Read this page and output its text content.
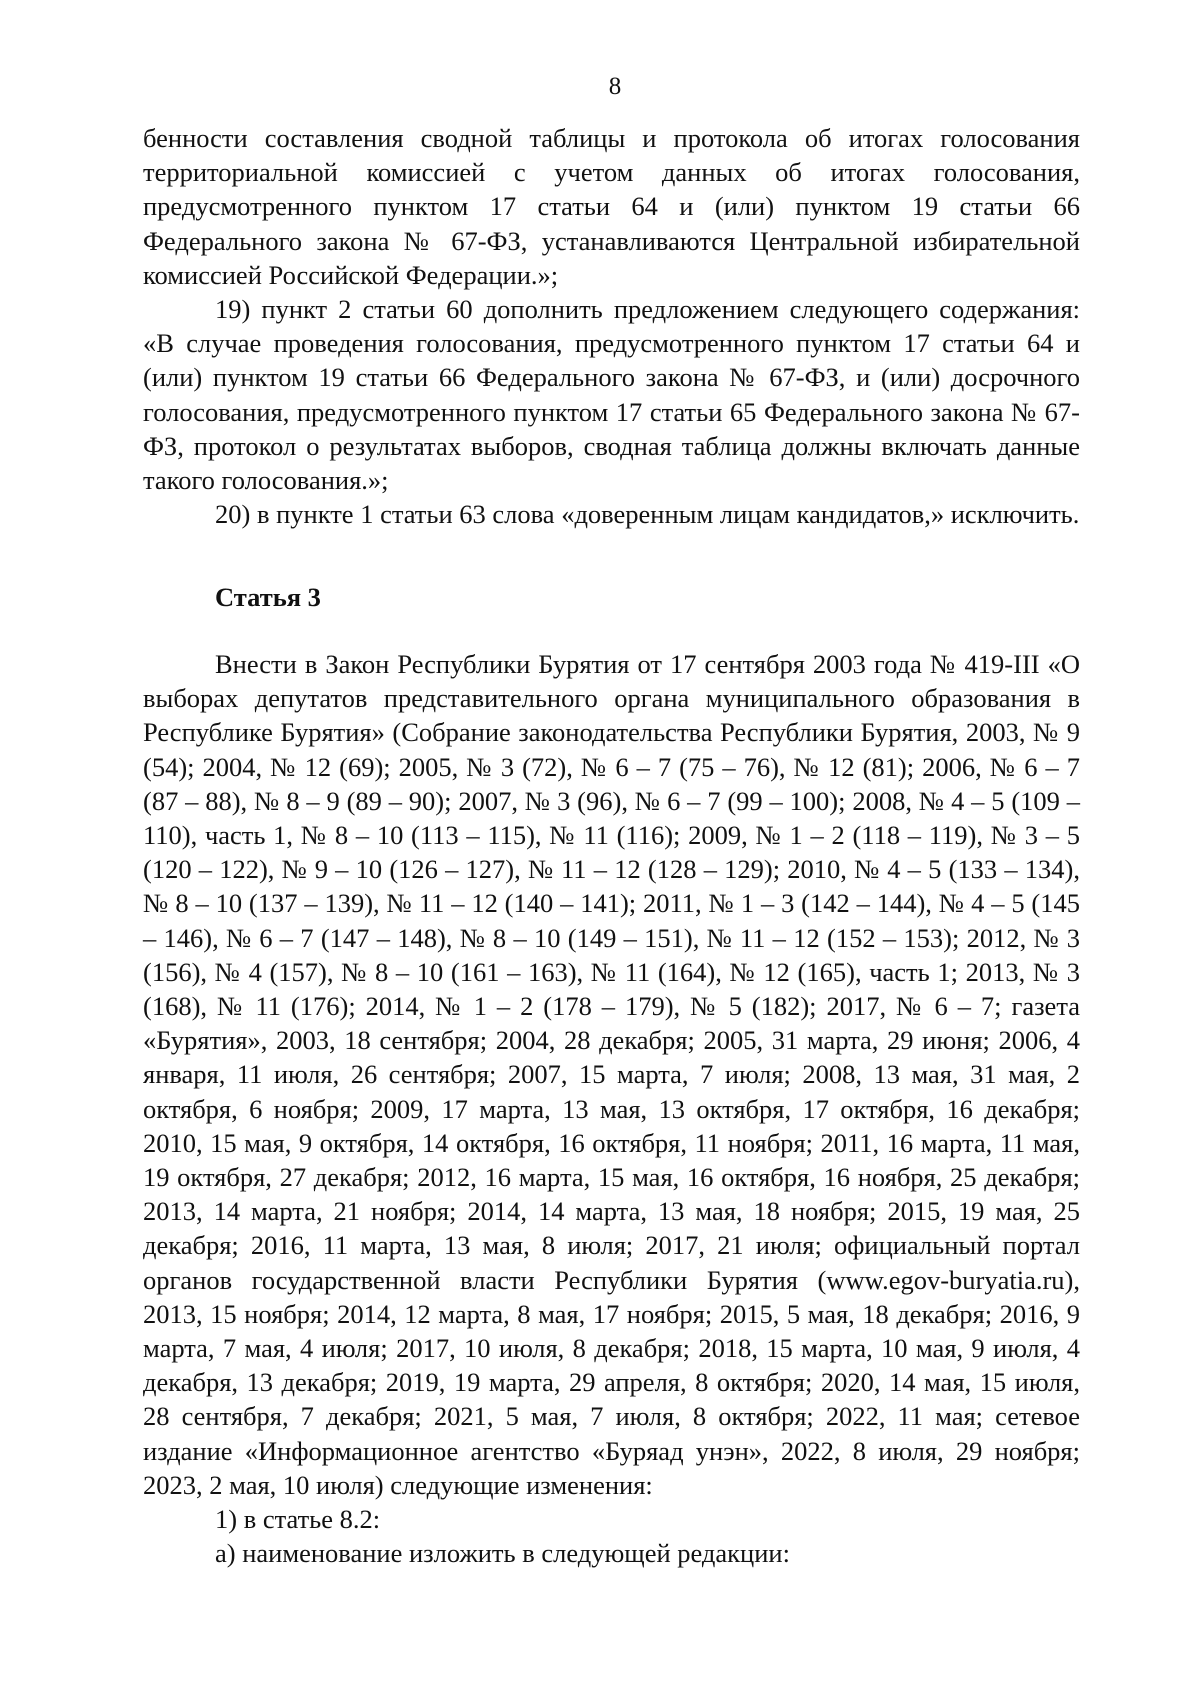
8

бенности составления сводной таблицы и протокола об итогах голосования территориальной комиссией с учетом данных об итогах голосования, предусмотренного пунктом 17 статьи 64 и (или) пунктом 19 статьи 66 Федерального закона № 67-ФЗ, устанавливаются Центральной избирательной комиссией Российской Федерации.»;

19) пункт 2 статьи 60 дополнить предложением следующего содержания: «В случае проведения голосования, предусмотренного пунктом 17 статьи 64 и (или) пунктом 19 статьи 66 Федерального закона № 67-ФЗ, и (или) досрочного голосования, предусмотренного пунктом 17 статьи 65 Федерального закона № 67-ФЗ, протокол о результатах выборов, сводная таблица должны включать данные такого голосования.»;

20) в пункте 1 статьи 63 слова «доверенным лицам кандидатов,» исключить.

Статья 3

Внести в Закон Республики Бурятия от 17 сентября 2003 года № 419-III «О выборах депутатов представительного органа муниципального образования в Республике Бурятия» (Собрание законодательства Республики Бурятия, 2003, № 9 (54); 2004, № 12 (69); 2005, № 3 (72), № 6 – 7 (75 – 76), № 12 (81); 2006, № 6 – 7 (87 – 88), № 8 – 9 (89 – 90); 2007, № 3 (96), № 6 – 7 (99 – 100); 2008, № 4 – 5 (109 – 110), часть 1, № 8 – 10 (113 – 115), № 11 (116); 2009, № 1 – 2 (118 – 119), № 3 – 5 (120 – 122), № 9 – 10 (126 – 127), № 11 – 12 (128 – 129); 2010, № 4 – 5 (133 – 134), № 8 – 10 (137 – 139), № 11 – 12 (140 – 141); 2011, № 1 – 3 (142 – 144), № 4 – 5 (145 – 146), № 6 – 7 (147 – 148), № 8 – 10 (149 – 151), № 11 – 12 (152 – 153); 2012, № 3 (156), № 4 (157), № 8 – 10 (161 – 163), № 11 (164), № 12 (165), часть 1; 2013, № 3 (168), № 11 (176); 2014, № 1 – 2 (178 – 179), № 5 (182); 2017, № 6 – 7; газета «Бурятия», 2003, 18 сентября; 2004, 28 декабря; 2005, 31 марта, 29 июня; 2006, 4 января, 11 июля, 26 сентября; 2007, 15 марта, 7 июля; 2008, 13 мая, 31 мая, 2 октября, 6 ноября; 2009, 17 марта, 13 мая, 13 октября, 17 октября, 16 декабря; 2010, 15 мая, 9 октября, 14 октября, 16 октября, 11 ноября; 2011, 16 марта, 11 мая, 19 октября, 27 декабря; 2012, 16 марта, 15 мая, 16 октября, 16 ноября, 25 декабря; 2013, 14 марта, 21 ноября; 2014, 14 марта, 13 мая, 18 ноября; 2015, 19 мая, 25 декабря; 2016, 11 марта, 13 мая, 8 июля; 2017, 21 июля; официальный портал органов государственной власти Республики Бурятия (www.egov-buryatia.ru), 2013, 15 ноября; 2014, 12 марта, 8 мая, 17 ноября; 2015, 5 мая, 18 декабря; 2016, 9 марта, 7 мая, 4 июля; 2017, 10 июля, 8 декабря; 2018, 15 марта, 10 мая, 9 июля, 4 декабря, 13 декабря; 2019, 19 марта, 29 апреля, 8 октября; 2020, 14 мая, 15 июля, 28 сентября, 7 декабря; 2021, 5 мая, 7 июля, 8 октября; 2022, 11 мая; сетевое издание «Информационное агентство «Буряад унэн», 2022, 8 июля, 29 ноября; 2023, 2 мая, 10 июля) следующие изменения:

1) в статье 8.2:

а) наименование изложить в следующей редакции:
